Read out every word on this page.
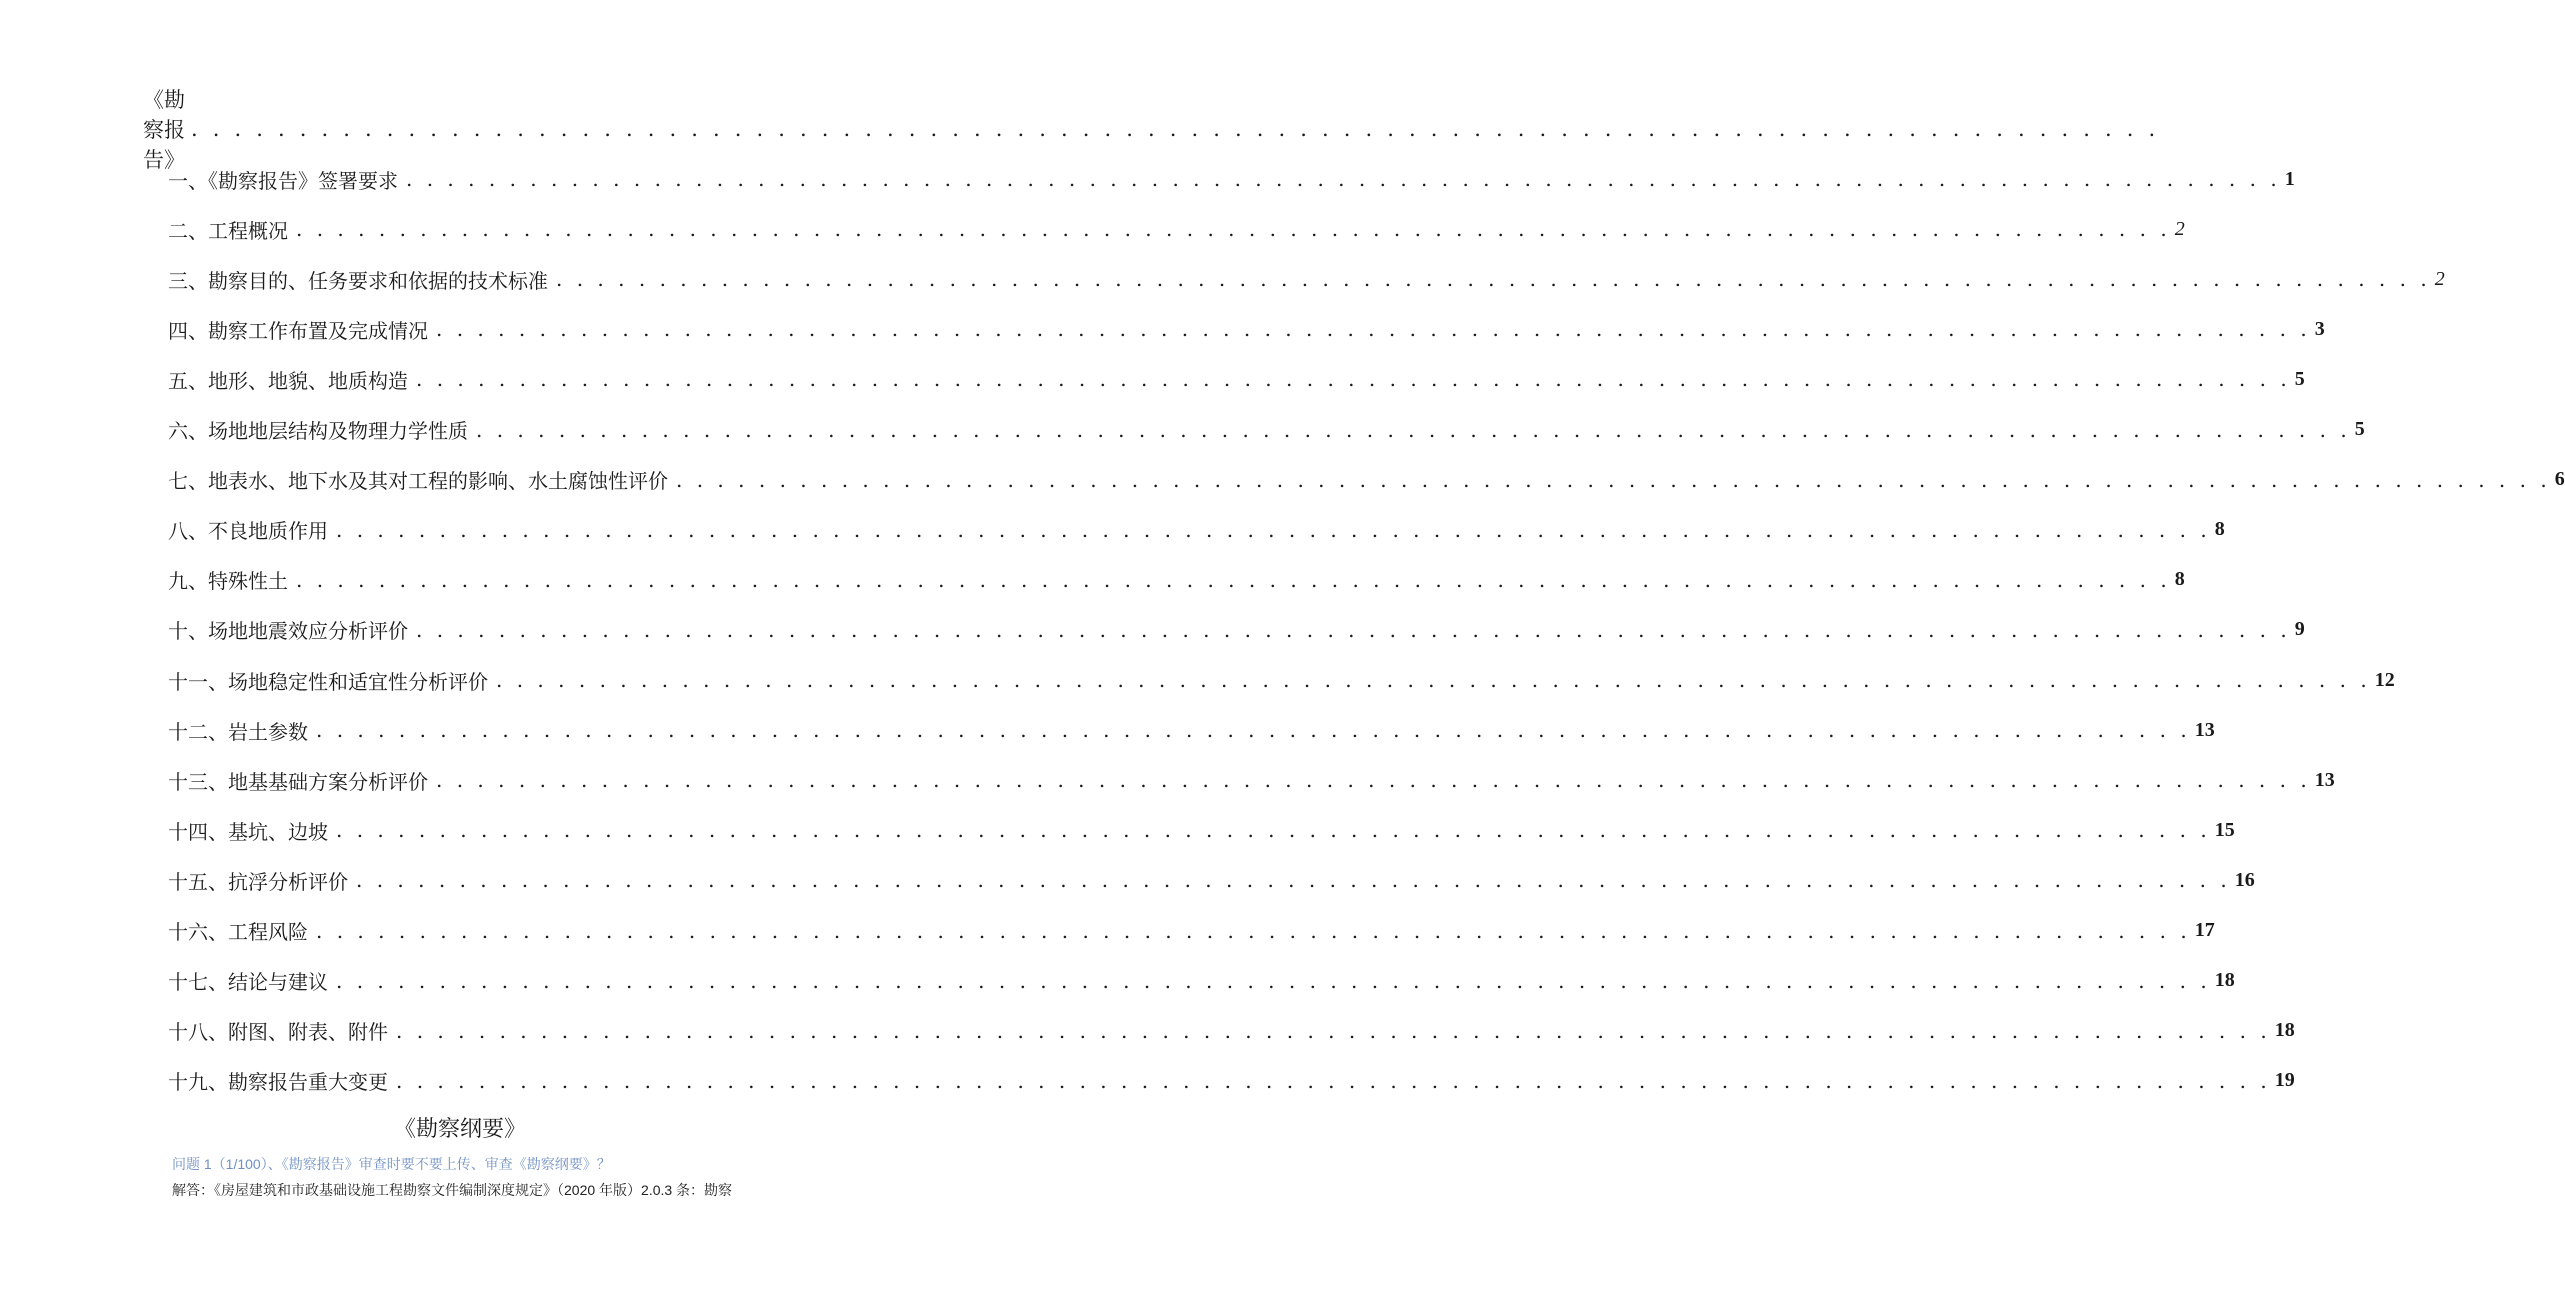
《勘察报告》
. . . . . . . . . . . . . . . . . . . . . . . . . . . . . . . . . . . . . . . . . . . . . . . . . . . . . . . . . . . . . . . . . . . . . . . . . . . . . . . . . . . . . . . . . . .
一、《勘察报告》签署要求 . . . . . . . . . . . . . . . . . . . . . . . . . . . . . . . . . . . . . . . . . . . . . . . . . . . . . . . . . . . . . . . . . . . . . . . . . . . . . . . . . . . . . . . . . . . 1
二、工程概况 . . . . . . . . . . . . . . . . . . . . . . . . . . . . . . . . . . . . . . . . . . . . . . . . . . . . . . . . . . . . . . . . . . . . . . . . . . . . . . . . . . . . . . . . . . . 2
三、勘察目的、任务要求和依据的技术标准 . . . . . . . . . . . . . . . . . . . . . . . . . . . . . . . . . . . . . . . . . . . . . . . . . . . . . . . . . . . . . . . . . . . . . . . . . . . . . . . . . . . . . . . . . . . 2
四、勘察工作布置及完成情况 . . . . . . . . . . . . . . . . . . . . . . . . . . . . . . . . . . . . . . . . . . . . . . . . . . . . . . . . . . . . . . . . . . . . . . . . . . . . . . . . . . . . . . . . . . . 3
五、地形、地貌、地质构造 . . . . . . . . . . . . . . . . . . . . . . . . . . . . . . . . . . . . . . . . . . . . . . . . . . . . . . . . . . . . . . . . . . . . . . . . . . . . . . . . . . . . . . . . . . . 5
六、场地地层结构及物理力学性质 . . . . . . . . . . . . . . . . . . . . . . . . . . . . . . . . . . . . . . . . . . . . . . . . . . . . . . . . . . . . . . . . . . . . . . . . . . . . . . . . . . . . . . . . . . . 5
七、地表水、地下水及其对工程的影响、水土腐蚀性评价 . . . . . . . . . . . . . . . . . . . . . . . . . . . . . . . . . . . . . . . . . . . . . . . . . . . . . . . . . . . . . . . . . . . . . . . . . . . . . . . . . . . . . . . . . . . 6
八、不良地质作用 . . . . . . . . . . . . . . . . . . . . . . . . . . . . . . . . . . . . . . . . . . . . . . . . . . . . . . . . . . . . . . . . . . . . . . . . . . . . . . . . . . . . . . . . . . . 8
九、特殊性土 . . . . . . . . . . . . . . . . . . . . . . . . . . . . . . . . . . . . . . . . . . . . . . . . . . . . . . . . . . . . . . . . . . . . . . . . . . . . . . . . . . . . . . . . . . . 8
十、场地地震效应分析评价 . . . . . . . . . . . . . . . . . . . . . . . . . . . . . . . . . . . . . . . . . . . . . . . . . . . . . . . . . . . . . . . . . . . . . . . . . . . . . . . . . . . . . . . . . . . 9
十一、场地稳定性和适宜性分析评价 . . . . . . . . . . . . . . . . . . . . . . . . . . . . . . . . . . . . . . . . . . . . . . . . . . . . . . . . . . . . . . . . . . . . . . . . . . . . . . . . . . . . . . . . . . . 12
十二、岩土参数 . . . . . . . . . . . . . . . . . . . . . . . . . . . . . . . . . . . . . . . . . . . . . . . . . . . . . . . . . . . . . . . . . . . . . . . . . . . . . . . . . . . . . . . . . . . 13
十三、地基基础方案分析评价 . . . . . . . . . . . . . . . . . . . . . . . . . . . . . . . . . . . . . . . . . . . . . . . . . . . . . . . . . . . . . . . . . . . . . . . . . . . . . . . . . . . . . . . . . . . 13
十四、基坑、边坡 . . . . . . . . . . . . . . . . . . . . . . . . . . . . . . . . . . . . . . . . . . . . . . . . . . . . . . . . . . . . . . . . . . . . . . . . . . . . . . . . . . . . . . . . . . . 15
十五、抗浮分析评价 . . . . . . . . . . . . . . . . . . . . . . . . . . . . . . . . . . . . . . . . . . . . . . . . . . . . . . . . . . . . . . . . . . . . . . . . . . . . . . . . . . . . . . . . . . . 16
十六、工程风险 . . . . . . . . . . . . . . . . . . . . . . . . . . . . . . . . . . . . . . . . . . . . . . . . . . . . . . . . . . . . . . . . . . . . . . . . . . . . . . . . . . . . . . . . . . . 17
十七、结论与建议 . . . . . . . . . . . . . . . . . . . . . . . . . . . . . . . . . . . . . . . . . . . . . . . . . . . . . . . . . . . . . . . . . . . . . . . . . . . . . . . . . . . . . . . . . . . 18
十八、附图、附表、附件 . . . . . . . . . . . . . . . . . . . . . . . . . . . . . . . . . . . . . . . . . . . . . . . . . . . . . . . . . . . . . . . . . . . . . . . . . . . . . . . . . . . . . . . . . . . 18
十九、勘察报告重大变更 . . . . . . . . . . . . . . . . . . . . . . . . . . . . . . . . . . . . . . . . . . . . . . . . . . . . . . . . . . . . . . . . . . . . . . . . . . . . . . . . . . . . . . . . . . . 19
《勘察纲要》
问题 1（1/100）、《勘察报告》审查时要不要上传、审查《勘察纲要》？
解答：《房屋建筑和市政基础设施工程勘察文件编制深度规定》（2020 年版）2.0.3 条：勘察
